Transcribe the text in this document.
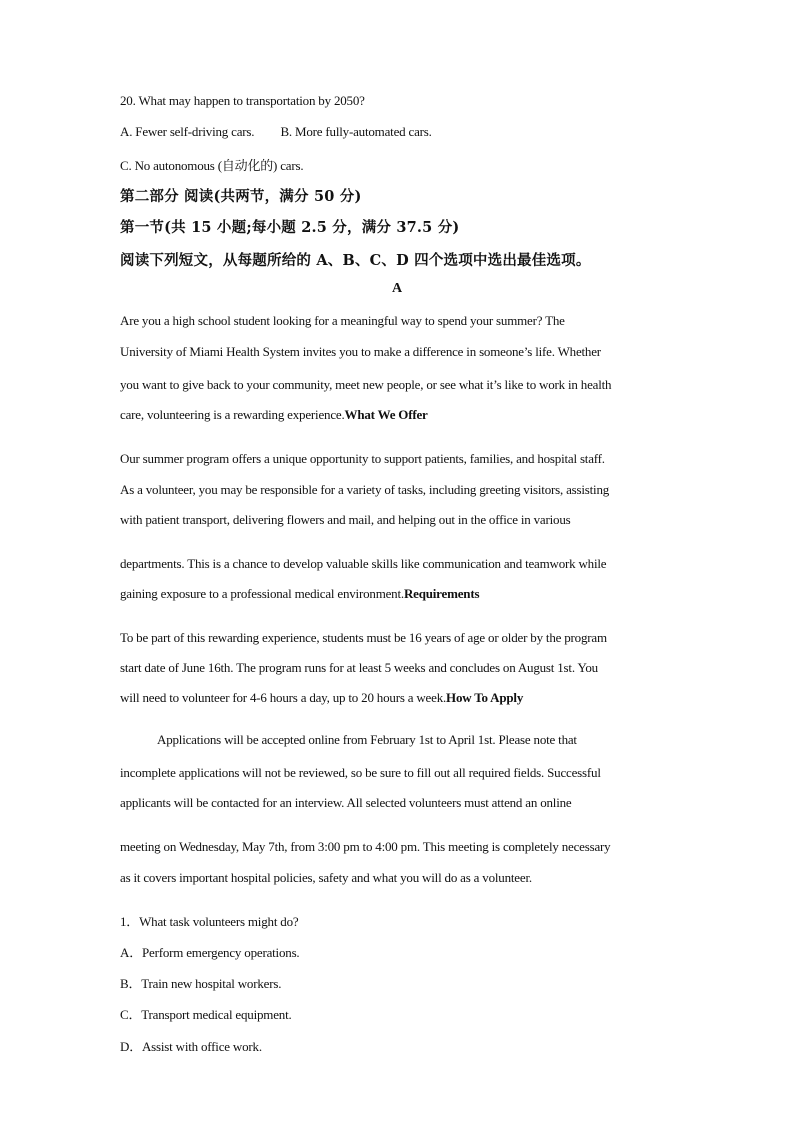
20. What may happen to transportation by 2050?
A. Fewer self-driving cars. B. More fully-automated cars.
C. No autonomous (自动化的) cars.
第二部分 阅读(共两节，满分 50 分)
第一节(共 15 小题;每小题 2.5 分，满分 37.5 分)
阅读下列短文，从每题所给的 A、B、C、D 四个选项中选出最佳选项。
A
Are you a high school student looking for a meaningful way to spend your summer? The
University of Miami Health System invites you to make a difference in someone’s life. Whether
you want to give back to your community, meet new people, or see what it’s like to work in health
care, volunteering is a rewarding experience.What We Offer
Our summer program offers a unique opportunity to support patients, families, and hospital staff.
As a volunteer, you may be responsible for a variety of tasks, including greeting visitors, assisting
with patient transport, delivering flowers and mail, and helping out in the office in various
departments. This is a chance to develop valuable skills like communication and teamwork while
gaining exposure to a professional medical environment.Requirements
To be part of this rewarding experience, students must be 16 years of age or older by the program
start date of June 16th. The program runs for at least 5 weeks and concludes on August 1st. You
will need to volunteer for 4-6 hours a day, up to 20 hours a week.How To Apply
Applications will be accepted online from February 1st to April 1st. Please note that
incomplete applications will not be reviewed, so be sure to fill out all required fields. Successful
applicants will be contacted for an interview. All selected volunteers must attend an online
meeting on Wednesday, May 7th, from 3:00 pm to 4:00 pm. This meeting is completely necessary
as it covers important hospital policies, safety and what you will do as a volunteer.
1．What task volunteers might do?
A．Perform emergency operations.
B．Train new hospital workers.
C．Transport medical equipment.
D．Assist with office work.
